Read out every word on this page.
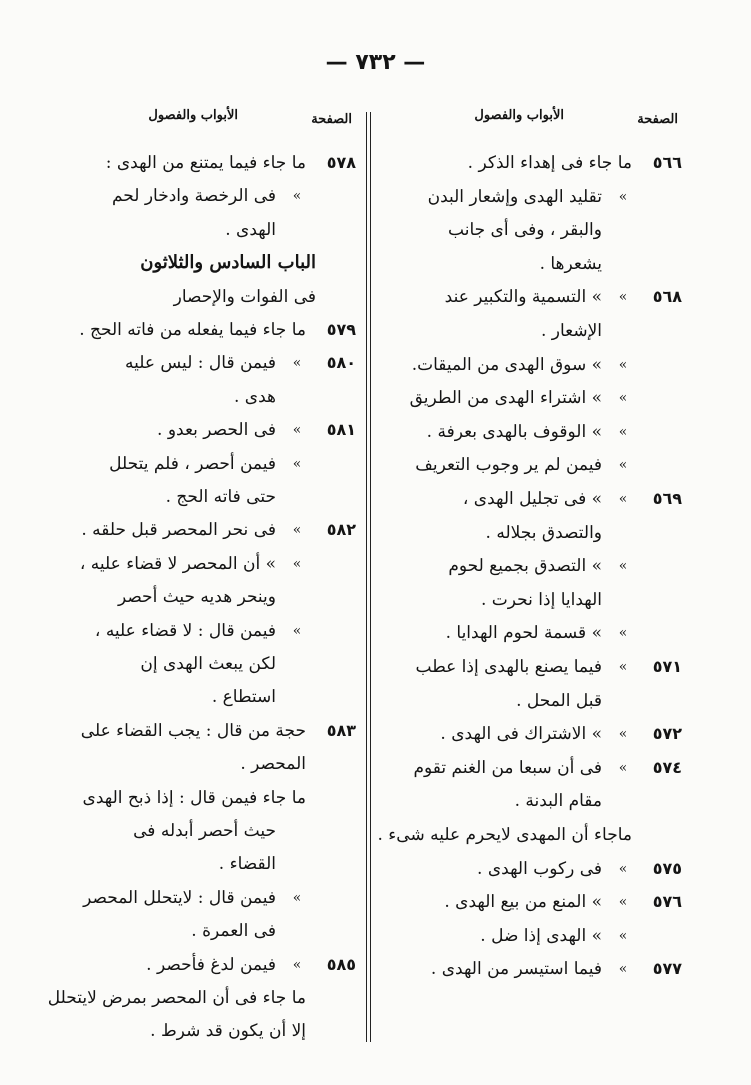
— ٧٣٢ —
الصفحة
الأبواب والفصول
٥٦٦
ما جاء فى إهداء الذكر .
»
تقليد الهدى وإشعار البدن
والبقر ، وفى أى جانب
يشعرها .
٥٦٨
»
» التسمية والتكبير عند
الإشعار .
»
» سوق الهدى من الميقات.
»
» اشتراء الهدى من الطريق
»
» الوقوف بالهدى بعرفة .
»
فيمن لم ير وجوب التعريف
٥٦٩
»
» فى تجليل الهدى ،
والتصدق بجلاله .
»
» التصدق بجميع لحوم
الهدايا إذا نحرت .
»
» قسمة لحوم الهدايا .
٥٧١
»
فيما يصنع بالهدى إذا عطب
قبل المحل .
٥٧٢
»
» الاشتراك فى الهدى .
٥٧٤
»
فى أن سبعا من الغنم تقوم
مقام البدنة .
ماجاء أن المهدى لايحرم عليه شىء .
٥٧٥
»
فى ركوب الهدى .
٥٧٦
»
» المنع من بيع الهدى .
»
» الهدى إذا ضل .
٥٧٧
»
فيما استيسر من الهدى .
الصفحة
الأبواب والفصول
٥٧٨
ما جاء فيما يمتنع من الهدى :
»
فى الرخصة وادخار لحم
الهدى .
الباب السادس والثلاثون
فى الفوات والإحصار
٥٧٩
ما جاء فيما يفعله من فاته الحج .
٥٨٠
»
فيمن قال : ليس عليه
هدى .
٥٨١
»
فى الحصر بعدو .
»
فيمن أحصر ، فلم يتحلل
حتى فاته الحج .
٥٨٢
»
فى نحر المحصر قبل حلقه .
»
» أن المحصر لا قضاء عليه ،
وينحر هديه حيث أحصر
»
فيمن قال : لا قضاء عليه ،
لكن يبعث الهدى إن
استطاع .
٥٨٣
حجة من قال : يجب القضاء على
المحصر .
ما جاء فيمن قال : إذا ذبح الهدى
حيث أحصر أبدله فى
القضاء .
»
فيمن قال : لايتحلل المحصر
فى العمرة .
٥٨٥
»
فيمن لدغ فأحصر .
ما جاء فى أن المحصر بمرض لايتحلل
إلا أن يكون قد شرط .
